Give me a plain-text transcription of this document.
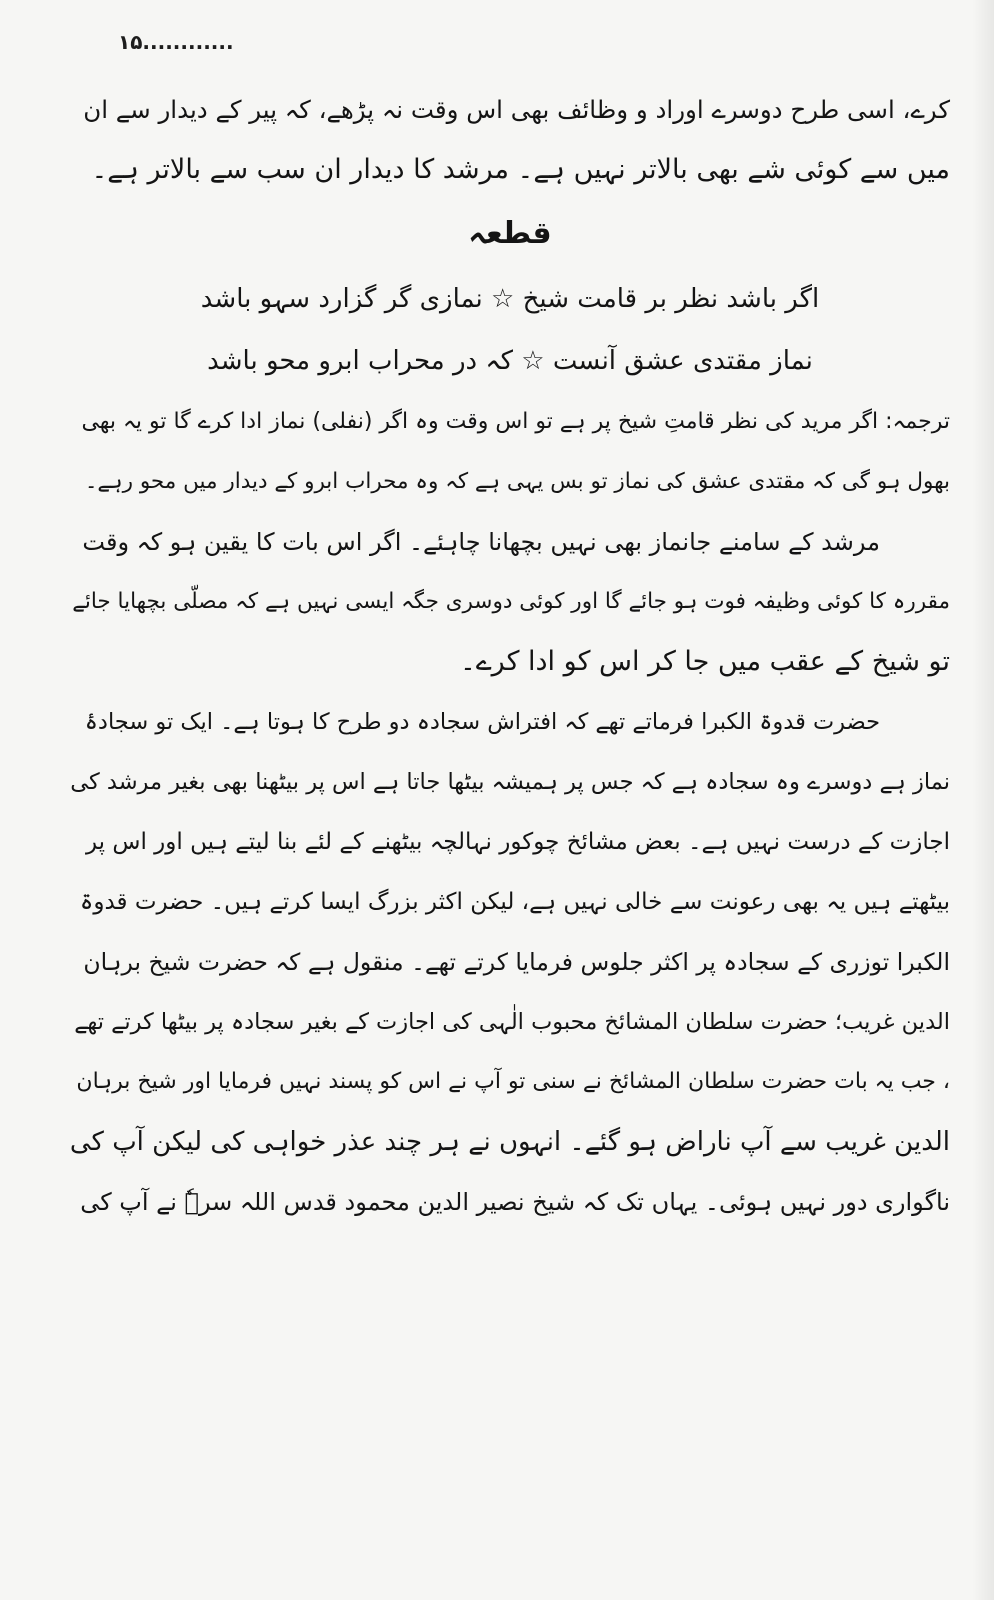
۱۵............

کرے، اسی طرح دوسرے اوراد و وظائف بھی اس وقت نہ پڑھے، کہ پیر کے دیدار سے ان

میں سے کوئی شے بھی بالاتر نہیں ہے۔ مرشد کا دیدار ان سب سے بالاتر ہے۔

قطعہ

اگر باشد نظر بر قامت شیخ ☆ نمازی گر گزارد سہو باشد

نماز مقتدی عشق آنست ☆ کہ در محراب ابرو محو باشد

ترجمہ: اگر مرید کی نظر قامتِ شیخ پر ہے تو اس وقت وہ اگر (نفلی) نماز ادا کرے گا تو یہ بھی

بھول ہو گی کہ مقتدی عشق کی نماز تو بس یہی ہے کہ وہ محراب ابرو کے دیدار میں محو رہے۔

مرشد کے سامنے جانماز بھی نہیں بچھانا چاہئے۔ اگر اس بات کا یقین ہو کہ وقت

مقررہ کا کوئی وظیفہ فوت ہو جائے گا اور کوئی دوسری جگہ ایسی نہیں ہے کہ مصلّی بچھایا جائے

تو شیخ کے عقب میں جا کر اس کو ادا کرے۔

حضرت قدوۃ الکبرا فرماتے تھے کہ افتراش سجادہ دو طرح کا ہوتا ہے۔ ایک تو سجادۂ

نماز ہے دوسرے وہ سجادہ ہے کہ جس پر ہمیشہ بیٹھا جاتا ہے اس پر بیٹھنا بھی بغیر مرشد کی

اجازت کے درست نہیں ہے۔ بعض مشائخ چوکور نہالچہ بیٹھنے کے لئے بنا لیتے ہیں اور اس پر

بیٹھتے ہیں یہ بھی رعونت سے خالی نہیں ہے، لیکن اکثر بزرگ ایسا کرتے ہیں۔ حضرت قدوۃ

الکبرا توزری کے سجادہ پر اکثر جلوس فرمایا کرتے تھے۔ منقول ہے کہ حضرت شیخ برہان

الدین غریب؛ حضرت سلطان المشائخ محبوب الٰہی کی اجازت کے بغیر سجادہ پر بیٹھا کرتے تھے

، جب یہ بات حضرت سلطان المشائخ نے سنی تو آپ نے اس کو پسند نہیں فرمایا اور شیخ برہان

الدین غریب سے آپ ناراض ہو گئے۔ انہوں نے ہر چند عذر خواہی کی لیکن آپ کی

ناگواری دور نہیں ہوئی۔ یہاں تک کہ شیخ نصیر الدین محمود قدس اللہ سرہٗ نے آپ کی
